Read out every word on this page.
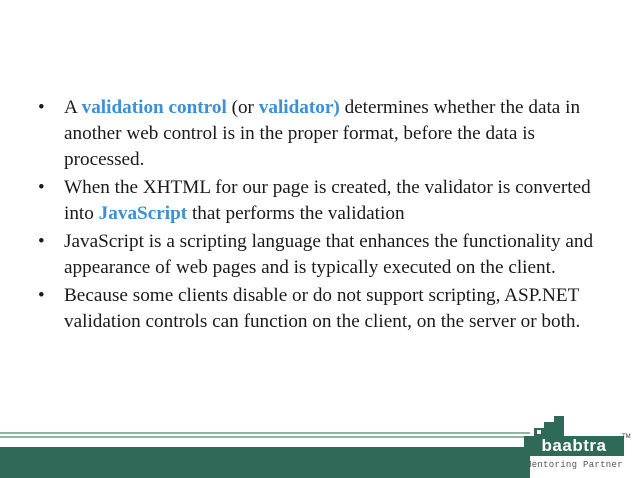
• A validation control (or validator) determines whether the data in another web control is in the proper format, before the data is processed.
• When the XHTML for our page is created, the validator is converted into JavaScript that performs the validation
• JavaScript is a scripting language that enhances the functionality and appearance of web pages and is typically executed on the client.
• Because some clients disable or do not support scripting, ASP.NET validation controls can function on the client, on the server or both.
baabtra	TM
Mentoring Partner
